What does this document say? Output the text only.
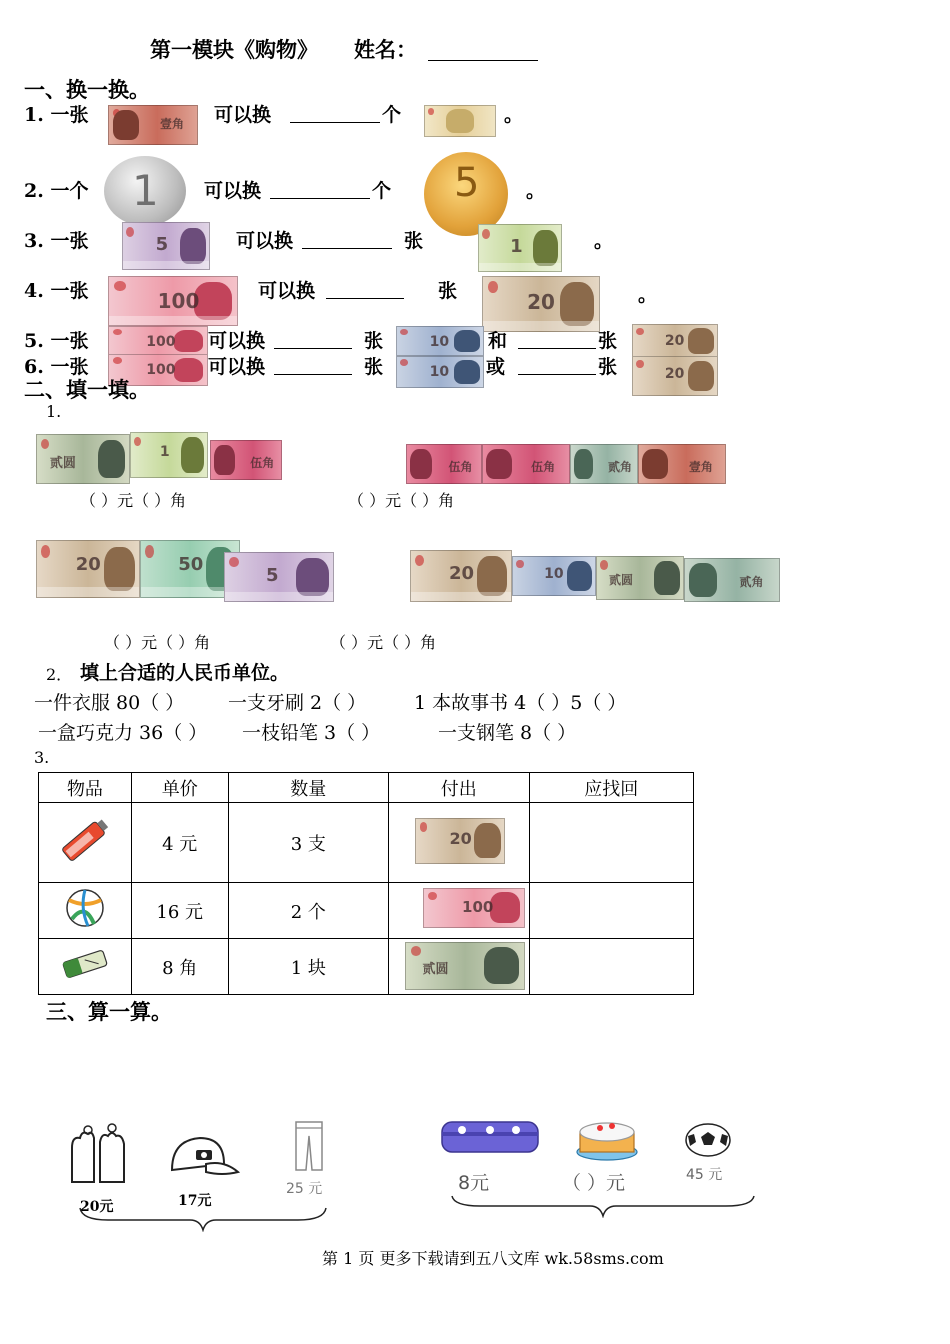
第一模块《购物》 姓名：
一、换一换。
1. 一张	壹角 可以换	个	。
2. 一个 1 可以换	个 5 。
3. 一张	5	可以换	张	1	。
4. 一张	100	可以换	张	20	。
5. 一张	100 可以换	张	10 和	张	20
6. 一张	100 可以换	张	10 或	张	20
二、填一填。
1.
贰圆
1
伍角
（ ）元（ ）角
伍角	伍角	贰角	壹角
（ ）元（ ）角
20	50	5
（ ）元（ ）角
20	10	贰圆	贰角
（ ）元（ ）角
2． 填上合适的人民币单位。
一件衣服 80（ ） 一支牙刷 2（ ）	1 本故事书 4（ ）5（ ）
一盒巧克力 36（ ） 一枝铅笔 3（ ）	一支钢笔 8（ ）
3.
物品	单价	数量	付出	应找回
	4 元	3 支	20	

	16 元	2 个	100	

	8 角	1 块	贰圆	

三、算一算。
20元	17元
25 元	8元	（ ）元	45 元
第 1 页 更多下载请到五八文库 wk.58sms.com
